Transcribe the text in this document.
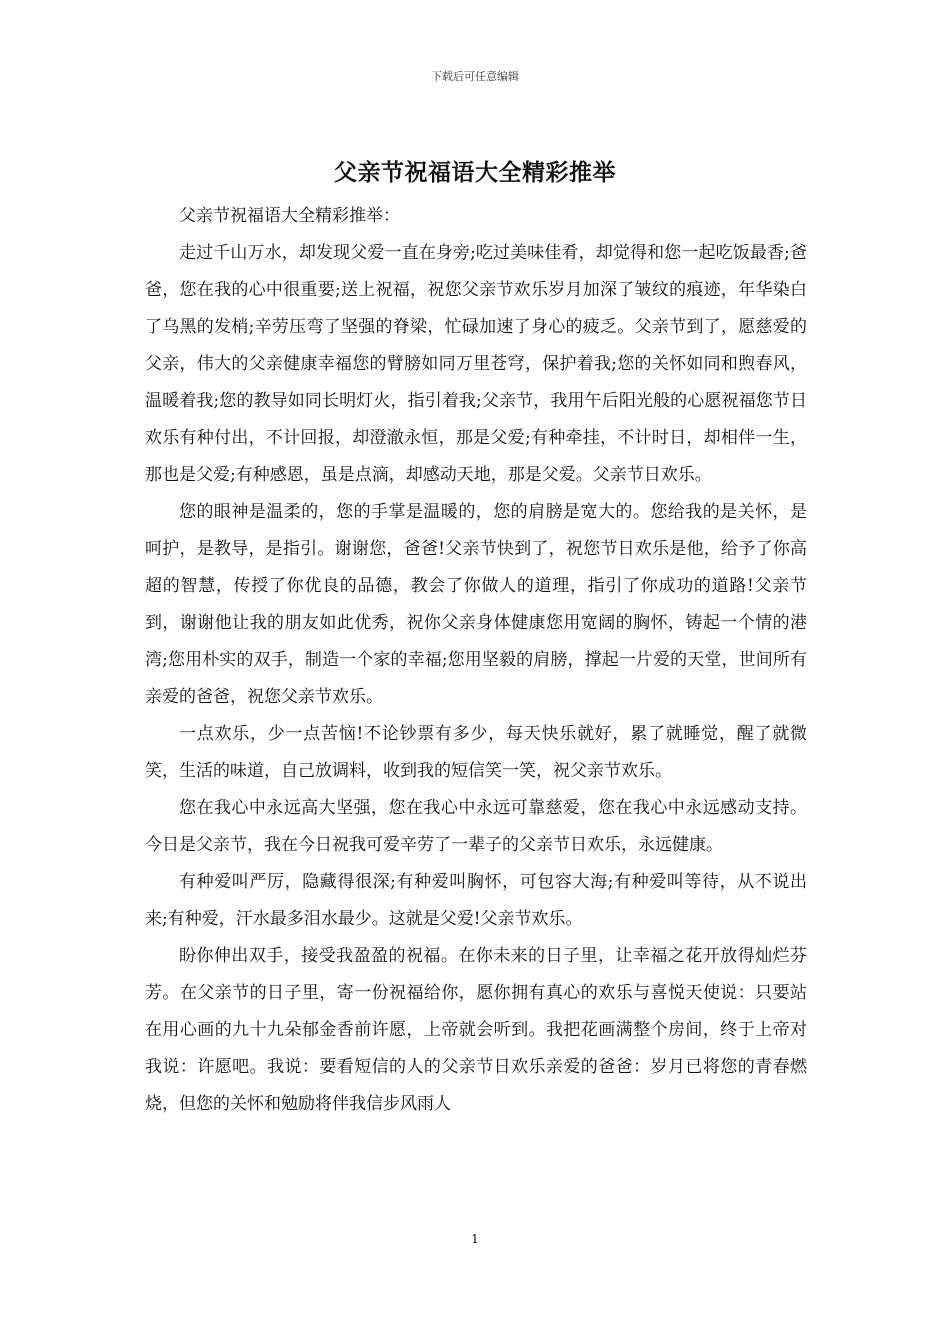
下载后可任意编辑
父亲节祝福语大全精彩推举

父亲节祝福语大全精彩推举：

走过千山万水，却发现父爱一直在身旁;吃过美味佳肴，却觉得和您一起吃饭最香;爸爸，您在我的心中很重要;送上祝福，祝您父亲节欢乐岁月加深了皱纹的痕迹，年华染白了乌黑的发梢;辛劳压弯了坚强的脊梁，忙碌加速了身心的疲乏。父亲节到了，愿慈爱的父亲，伟大的父亲健康幸福您的臂膀如同万里苍穹，保护着我;您的关怀如同和煦春风，温暖着我;您的教导如同长明灯火，指引着我;父亲节，我用午后阳光般的心愿祝福您节日欢乐有种付出，不计回报，却澄澈永恒，那是父爱;有种牵挂，不计时日，却相伴一生，那也是父爱;有种感恩，虽是点滴，却感动天地，那是父爱。父亲节日欢乐。

您的眼神是温柔的，您的手掌是温暖的，您的肩膀是宽大的。您给我的是关怀，是呵护，是教导，是指引。谢谢您，爸爸!父亲节快到了，祝您节日欢乐是他，给予了你高超的智慧，传授了你优良的品德，教会了你做人的道理，指引了你成功的道路!父亲节到，谢谢他让我的朋友如此优秀，祝你父亲身体健康您用宽阔的胸怀，铸起一个情的港湾;您用朴实的双手，制造一个家的幸福;您用坚毅的肩膀，撑起一片爱的天堂，世间所有亲爱的爸爸，祝您父亲节欢乐。

一点欢乐，少一点苦恼!不论钞票有多少，每天快乐就好，累了就睡觉，醒了就微笑，生活的味道，自己放调料，收到我的短信笑一笑，祝父亲节欢乐。

您在我心中永远高大坚强，您在我心中永远可靠慈爱，您在我心中永远感动支持。今日是父亲节，我在今日祝我可爱辛劳了一辈子的父亲节日欢乐，永远健康。

有种爱叫严厉，隐藏得很深;有种爱叫胸怀，可包容大海;有种爱叫等待，从不说出来;有种爱，汗水最多泪水最少。这就是父爱!父亲节欢乐。

盼你伸出双手，接受我盈盈的祝福。在你未来的日子里，让幸福之花开放得灿烂芬芳。在父亲节的日子里，寄一份祝福给你，愿你拥有真心的欢乐与喜悦天使说：只要站在用心画的九十九朵郁金香前许愿，上帝就会听到。我把花画满整个房间，终于上帝对我说：许愿吧。我说：要看短信的人的父亲节日欢乐亲爱的爸爸：岁月已将您的青春燃烧，但您的关怀和勉励将伴我信步风雨人

1
